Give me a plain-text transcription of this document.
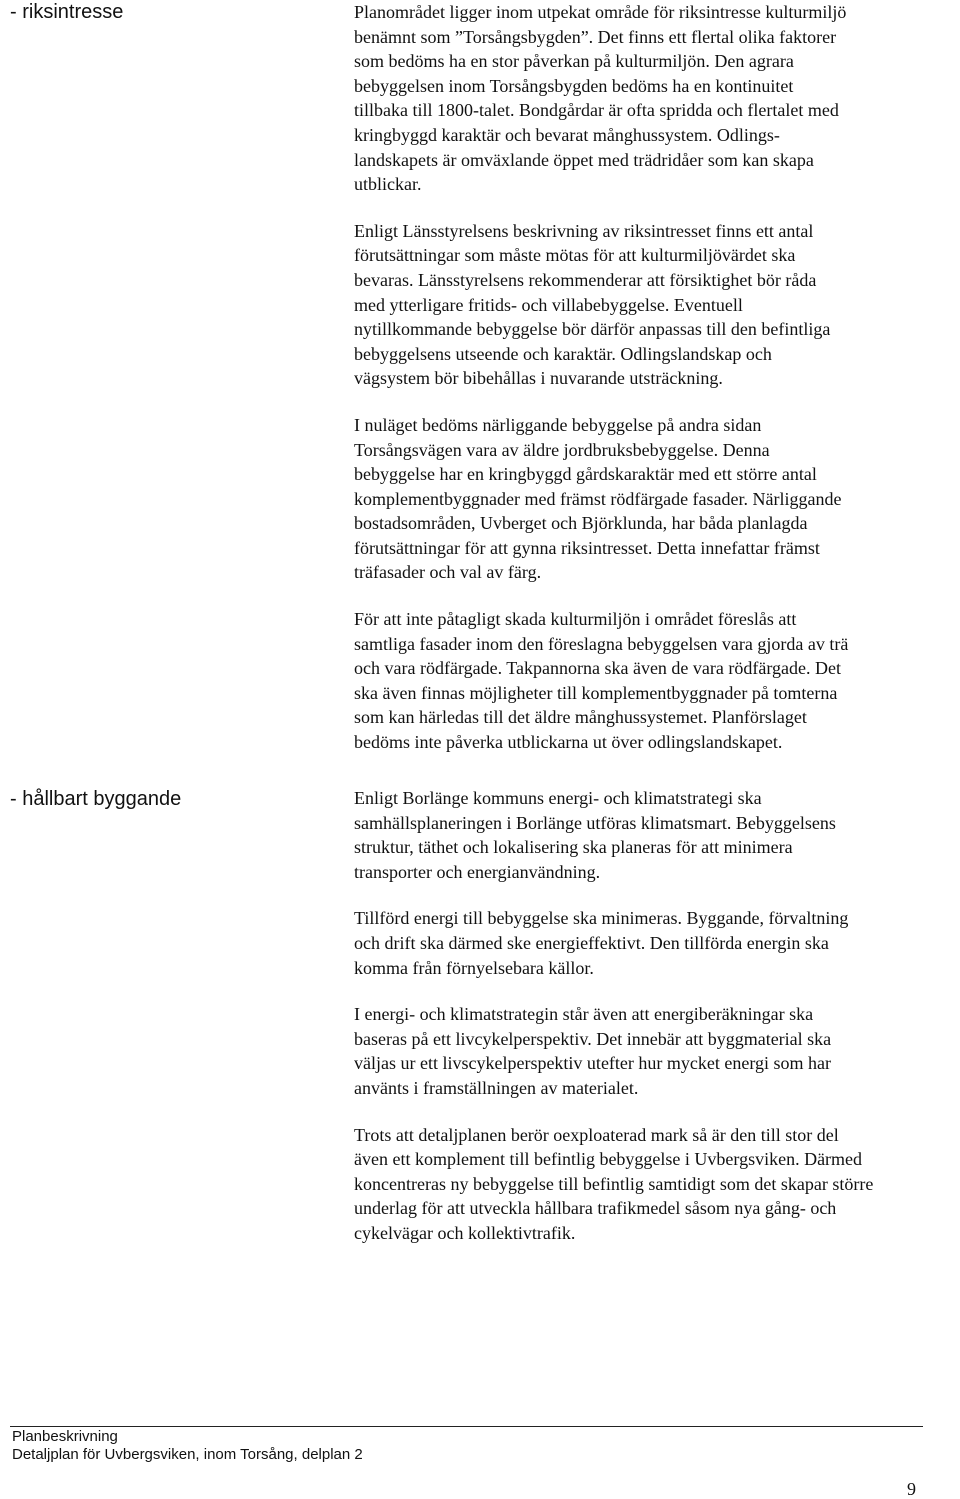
- riksintresse	Planområdet ligger inom utpekat område för riksintresse kulturmiljö
benämnt som ”Torsångsbygden”. Det finns ett flertal olika faktorer
som bedöms ha en stor påverkan på kulturmiljön. Den agrara
bebyggelsen inom Torsångsbygden bedöms ha en kontinuitet
tillbaka till 1800-talet. Bondgårdar är ofta spridda och flertalet med
kringbyggd karaktär och bevarat månghussystem. Odlings-
landskapets är omväxlande öppet med trädridåer som kan skapa
utblickar.

Enligt Länsstyrelsens beskrivning av riksintresset finns ett antal
förutsättningar som måste mötas för att kulturmiljövärdet ska
bevaras. Länsstyrelsens rekommenderar att försiktighet bör råda
med ytterligare fritids- och villabebyggelse. Eventuell
nytillkommande bebyggelse bör därför anpassas till den befintliga
bebyggelsens utseende och karaktär. Odlingslandskap och
vägsystem bör bibehållas i nuvarande utsträckning.

I nuläget bedöms närliggande bebyggelse på andra sidan
Torsångsvägen vara av äldre jordbruksbebyggelse. Denna
bebyggelse har en kringbyggd gårdskaraktär med ett större antal
komplementbyggnader med främst rödfärgade fasader. Närliggande
bostadsområden, Uvberget och Björklunda, har båda planlagda
förutsättningar för att gynna riksintresset. Detta innefattar främst
träfasader och val av färg.

För att inte påtagligt skada kulturmiljön i området föreslås att
samtliga fasader inom den föreslagna bebyggelsen vara gjorda av trä
och vara rödfärgade. Takpannorna ska även de vara rödfärgade. Det
ska även finnas möjligheter till komplementbyggnader på tomterna
som kan härledas till det äldre månghussystemet. Planförslaget
bedöms inte påverka utblickarna ut över odlingslandskapet.

- hållbart byggande	Enligt Borlänge kommuns energi- och klimatstrategi ska
samhällsplaneringen i Borlänge utföras klimatsmart. Bebyggelsens
struktur, täthet och lokalisering ska planeras för att minimera
transporter och energianvändning.

Tillförd energi till bebyggelse ska minimeras. Byggande, förvaltning
och drift ska därmed ske energieffektivt. Den tillförda energin ska
komma från förnyelsebara källor.

I energi- och klimatstrategin står även att energiberäkningar ska
baseras på ett livcykelperspektiv. Det innebär att byggmaterial ska
väljas ur ett livscykelperspektiv utefter hur mycket energi som har
använts i framställningen av materialet.

Trots att detaljplanen berör oexploaterad mark så är den till stor del
även ett komplement till befintlig bebyggelse i Uvbergsviken. Därmed
koncentreras ny bebyggelse till befintlig samtidigt som det skapar större
underlag för att utveckla hållbara trafikmedel såsom nya gång- och
cykelvägar och kollektivtrafik.

Planbeskrivning
Detaljplan för Uvbergsviken, inom Torsång, delplan 2
9
